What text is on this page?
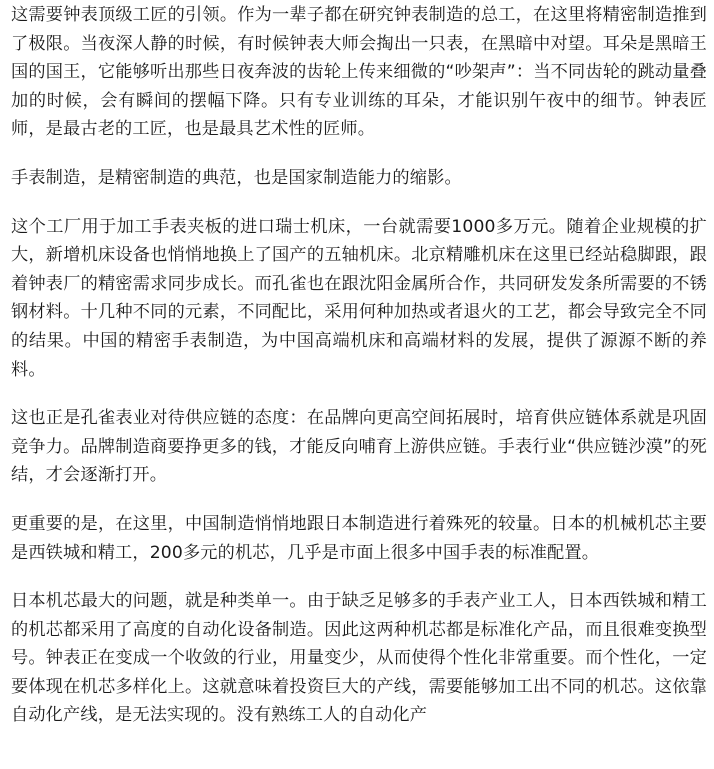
这需要钟表顶级工匠的引领。作为一辈子都在研究钟表制造的总工，在这里将精密制造推到了极限。当夜深人静的时候，有时候钟表大师会掏出一只表，在黑暗中对望。耳朵是黑暗王国的国王，它能够听出那些日夜奔波的齿轮上传来细微的“吵架声”：当不同齿轮的跳动量叠加的时候，会有瞬间的摆幅下降。只有专业训练的耳朵，才能识别午夜中的细节。钟表匠师，是最古老的工匠，也是最具艺术性的匠师。

手表制造，是精密制造的典范，也是国家制造能力的缩影。

这个工厂用于加工手表夹板的进口瑞士机床，一台就需要1000多万元。随着企业规模的扩大，新增机床设备也悄悄地换上了国产的五轴机床。北京精雕机床在这里已经站稳脚跟，跟着钟表厂的精密需求同步成长。而孔雀也在跟沈阳金属所合作，共同研发发条所需要的不锈钢材料。十几种不同的元素，不同配比，采用何种加热或者退火的工艺，都会导致完全不同的结果。中国的精密手表制造，为中国高端机床和高端材料的发展，提供了源源不断的养料。

这也正是孔雀表业对待供应链的态度：在品牌向更高空间拓展时，培育供应链体系就是巩固竞争力。品牌制造商要挣更多的钱，才能反向哺育上游供应链。手表行业“供应链沙漠”的死结，才会逐渐打开。

更重要的是，在这里，中国制造悄悄地跟日本制造进行着殊死的较量。日本的机械机芯主要是西铁城和精工，200多元的机芯，几乎是市面上很多中国手表的标准配置。

日本机芯最大的问题，就是种类单一。由于缺乏足够多的手表产业工人，日本西铁城和精工的机芯都采用了高度的自动化设备制造。因此这两种机芯都是标准化产品，而且很难变换型号。钟表正在变成一个收敛的行业，用量变少，从而使得个性化非常重要。而个性化，一定要体现在机芯多样化上。这就意味着投资巨大的产线，需要能够加工出不同的机芯。这依靠自动化产线，是无法实现的。没有熟练工人的自动化产
